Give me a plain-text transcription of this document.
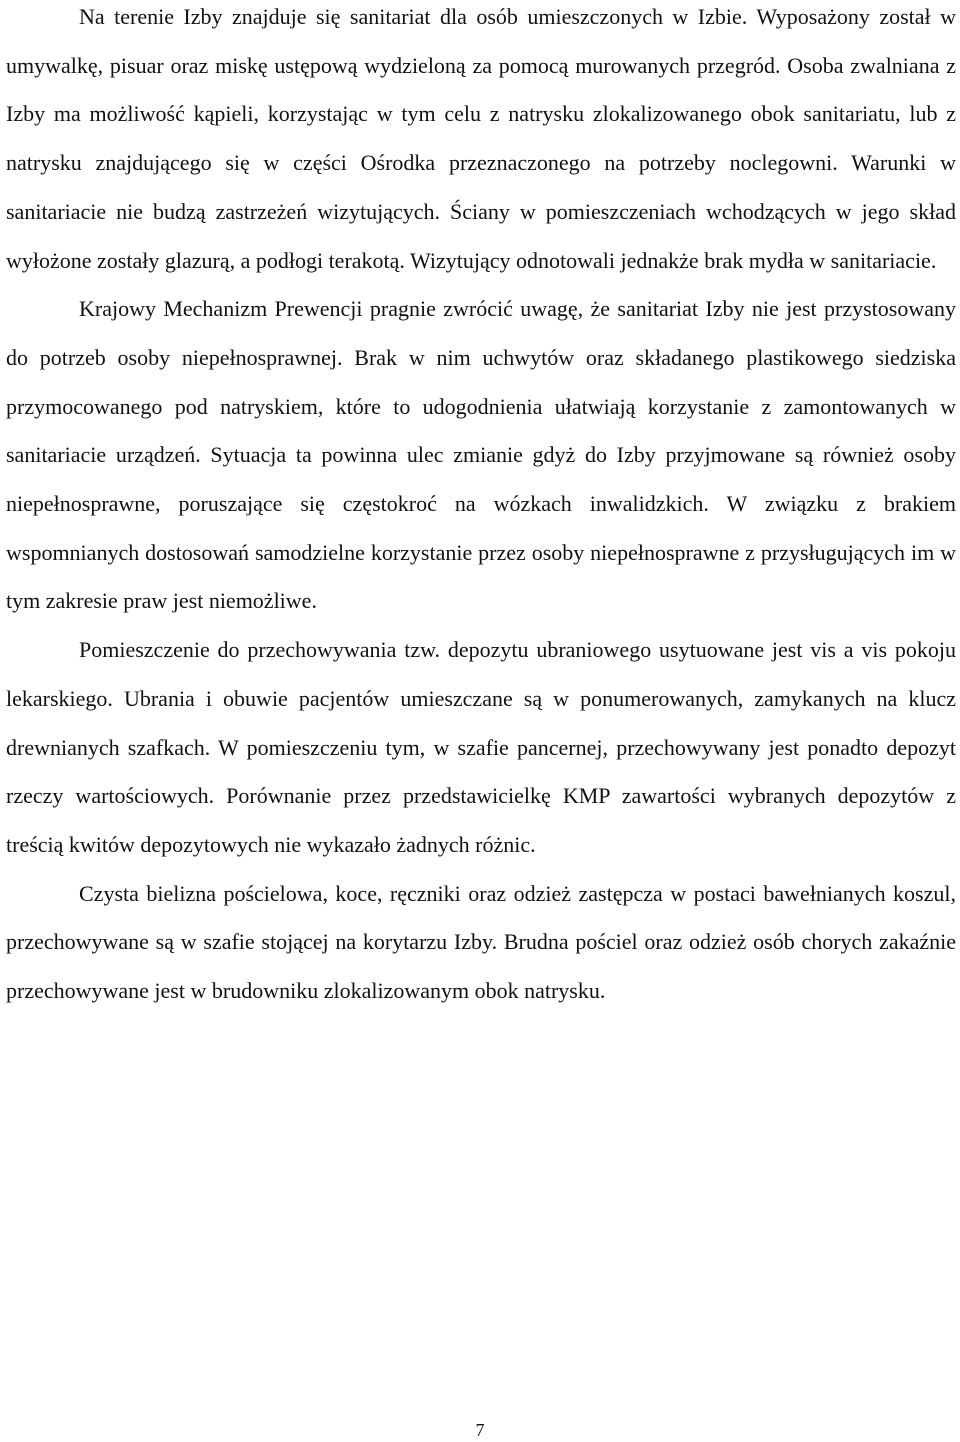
Na terenie Izby znajduje się sanitariat dla osób umieszczonych w Izbie. Wyposażony został w umywalkę, pisuar oraz miskę ustępową wydzieloną za pomocą murowanych przegród. Osoba zwalniana z Izby ma możliwość kąpieli, korzystając w tym celu z natrysku zlokalizowanego obok sanitariatu, lub z natrysku znajdującego się w części Ośrodka przeznaczonego na potrzeby noclegowni. Warunki w sanitariacie nie budzą zastrzeżeń wizytujących. Ściany w pomieszczeniach wchodzących w jego skład wyłożone zostały glazurą, a podłogi terakotą. Wizytujący odnotowali jednakże brak mydła w sanitariacie.

Krajowy Mechanizm Prewencji pragnie zwrócić uwagę, że sanitariat Izby nie jest przystosowany do potrzeb osoby niepełnosprawnej. Brak w nim uchwytów oraz składanego plastikowego siedziska przymocowanego pod natryskiem, które to udogodnienia ułatwiają korzystanie z zamontowanych w sanitariacie urządzeń. Sytuacja ta powinna ulec zmianie gdyż do Izby przyjmowane są również osoby niepełnosprawne, poruszające się częstokroć na wózkach inwalidzkich. W związku z brakiem wspomnianych dostosowań samodzielne korzystanie przez osoby niepełnosprawne z przysługujących im w tym zakresie praw jest niemożliwe.

Pomieszczenie do przechowywania tzw. depozytu ubraniowego usytuowane jest vis a vis pokoju lekarskiego. Ubrania i obuwie pacjentów umieszczane są w ponumerowanych, zamykanych na klucz drewnianych szafkach. W pomieszczeniu tym, w szafie pancernej, przechowywany jest ponadto depozyt rzeczy wartościowych. Porównanie przez przedstawicielkę KMP zawartości wybranych depozytów z treścią kwitów depozytowych nie wykazało żadnych różnic.

Czysta bielizna pościelowa, koce, ręczniki oraz odzież zastępcza w postaci bawełnianych koszul, przechowywane są w szafie stojącej na korytarzu Izby. Brudna pościel oraz odzież osób chorych zakaźnie przechowywane jest w brudowniku zlokalizowanym obok natrysku.

7
